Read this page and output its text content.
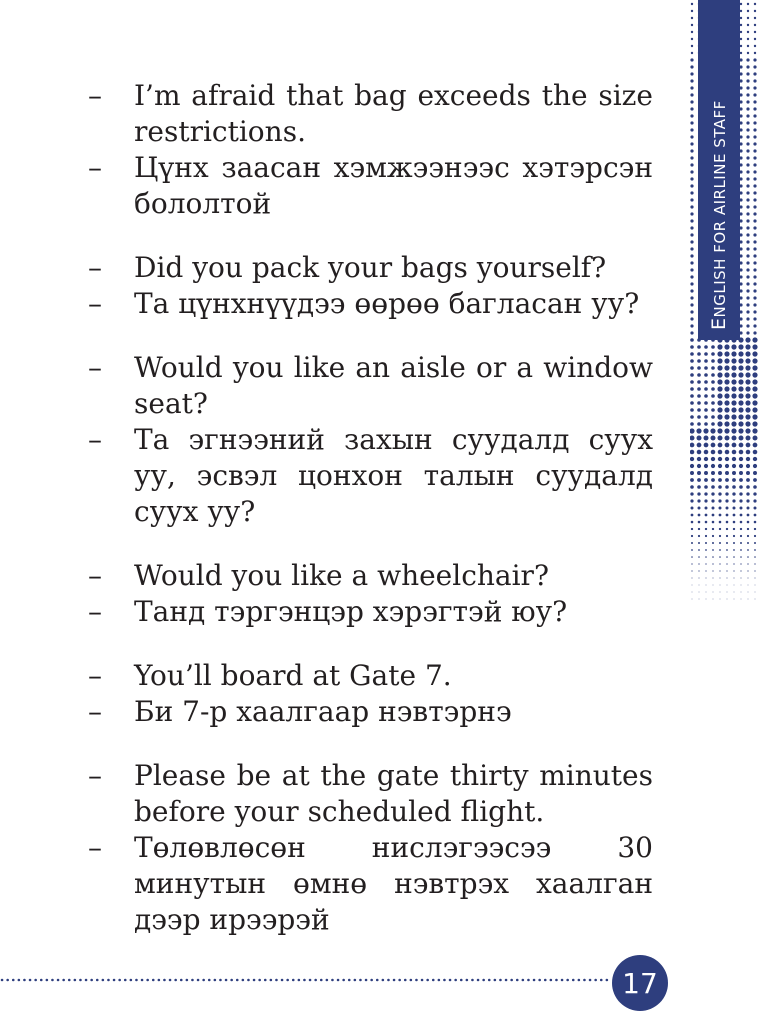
ENGLISH FOR AIRLINE STAFF
–	I’m afraid that bag exceeds the size restrictions.
–	Цүнх заасан хэмжээнээс хэтэрсэн бололтой
–	Did you pack your bags yourself?
–	Та цүнхнүүдээ өөрөө багласан уу?
–	Would you like an aisle or a window seat?
–	Та эгнээний захын суудалд суух уу, эсвэл цонхон талын суудалд суух уу?
–	Would you like a wheelchair?
–	Танд тэргэнцэр хэрэгтэй юу?
–	You’ll board at Gate 7.
–	Би 7-р хаалгаар нэвтэрнэ
–	Please be at the gate thirty minutes before your scheduled flight.
–	Төлөвлөсөн нислэгээсээ 30 минутын өмнө нэвтрэх хаалган дээр ирээрэй
17
